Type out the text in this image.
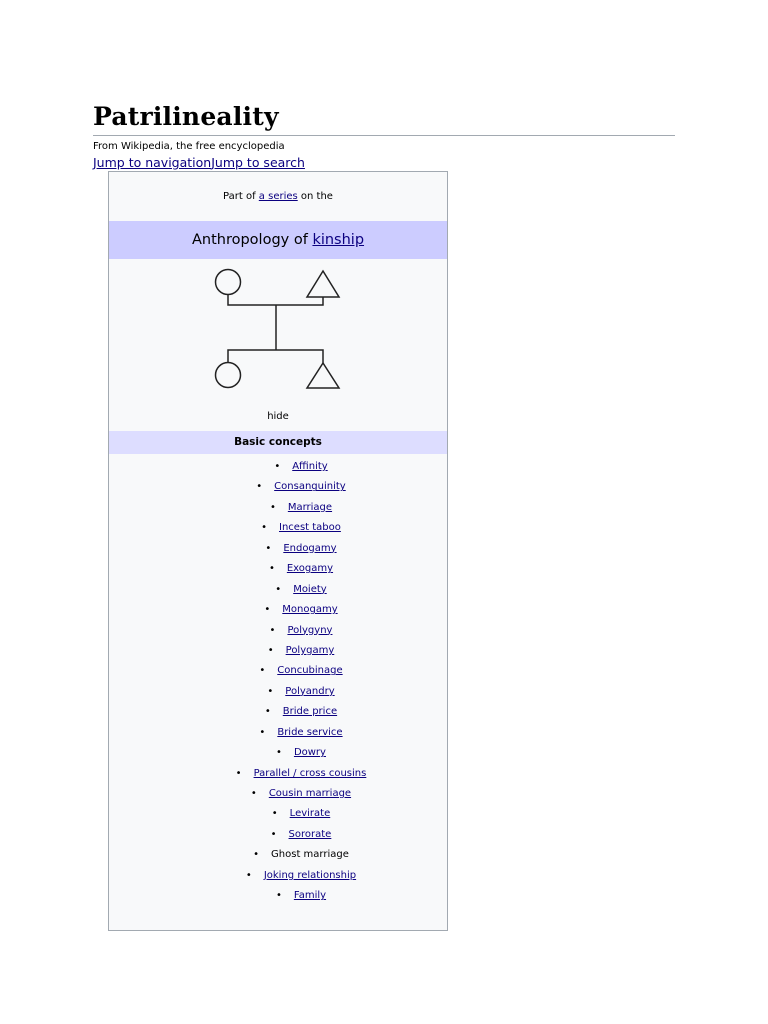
Patrilineality
From Wikipedia, the free encyclopedia
Jump to navigationJump to search
Part of a series on the
Anthropology of kinship
hide
Basic concepts
• Affinity
• Consanguinity
• Marriage
• Incest taboo
• Endogamy
• Exogamy
• Moiety
• Monogamy
• Polygyny
• Polygamy
• Concubinage
• Polyandry
• Bride price
• Bride service
• Dowry
• Parallel / cross cousins
• Cousin marriage
• Levirate
• Sororate
• Ghost marriage
• Joking relationship
• Family
